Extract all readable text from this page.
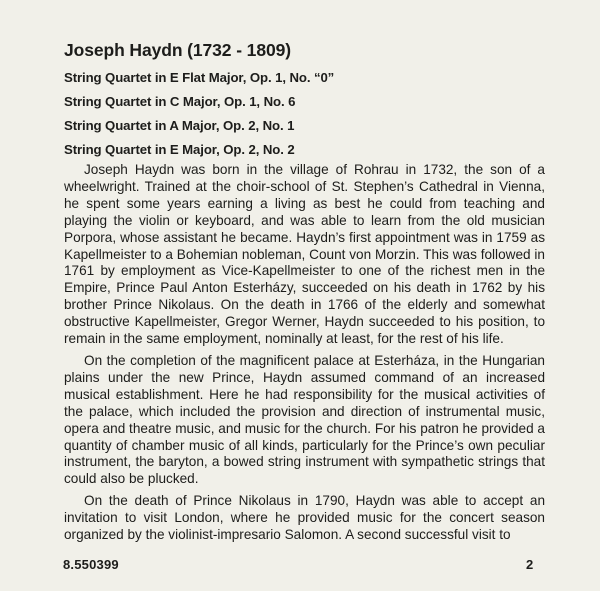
Joseph Haydn (1732 - 1809)
String Quartet in E Flat Major, Op. 1, No. “0”
String Quartet in C Major, Op. 1, No. 6
String Quartet in A Major, Op. 2, No. 1
String Quartet in E Major, Op. 2, No. 2

Joseph Haydn was born in the village of Rohrau in 1732, the son of a wheelwright. Trained at the choir-school of St. Stephen’s Cathedral in Vienna, he spent some years earning a living as best he could from teaching and playing the violin or keyboard, and was able to learn from the old musician Porpora, whose assistant he became. Haydn’s first appointment was in 1759 as Kapellmeister to a Bohemian nobleman, Count von Morzin. This was followed in 1761 by employment as Vice-Kapellmeister to one of the richest men in the Empire, Prince Paul Anton Esterházy, succeeded on his death in 1762 by his brother Prince Nikolaus. On the death in 1766 of the elderly and somewhat obstructive Kapellmeister, Gregor Werner, Haydn succeeded to his position, to remain in the same employment, nominally at least, for the rest of his life.

On the completion of the magnificent palace at Esterháza, in the Hungarian plains under the new Prince, Haydn assumed command of an increased musical establishment. Here he had responsibility for the musical activities of the palace, which included the provision and direction of instrumental music, opera and theatre music, and music for the church. For his patron he provided a quantity of chamber music of all kinds, particularly for the Prince’s own peculiar instrument, the baryton, a bowed string instrument with sympathetic strings that could also be plucked.

On the death of Prince Nikolaus in 1790, Haydn was able to accept an invitation to visit London, where he provided music for the concert season organized by the violinist-impresario Salomon. A second successful visit to

8.550399	2
